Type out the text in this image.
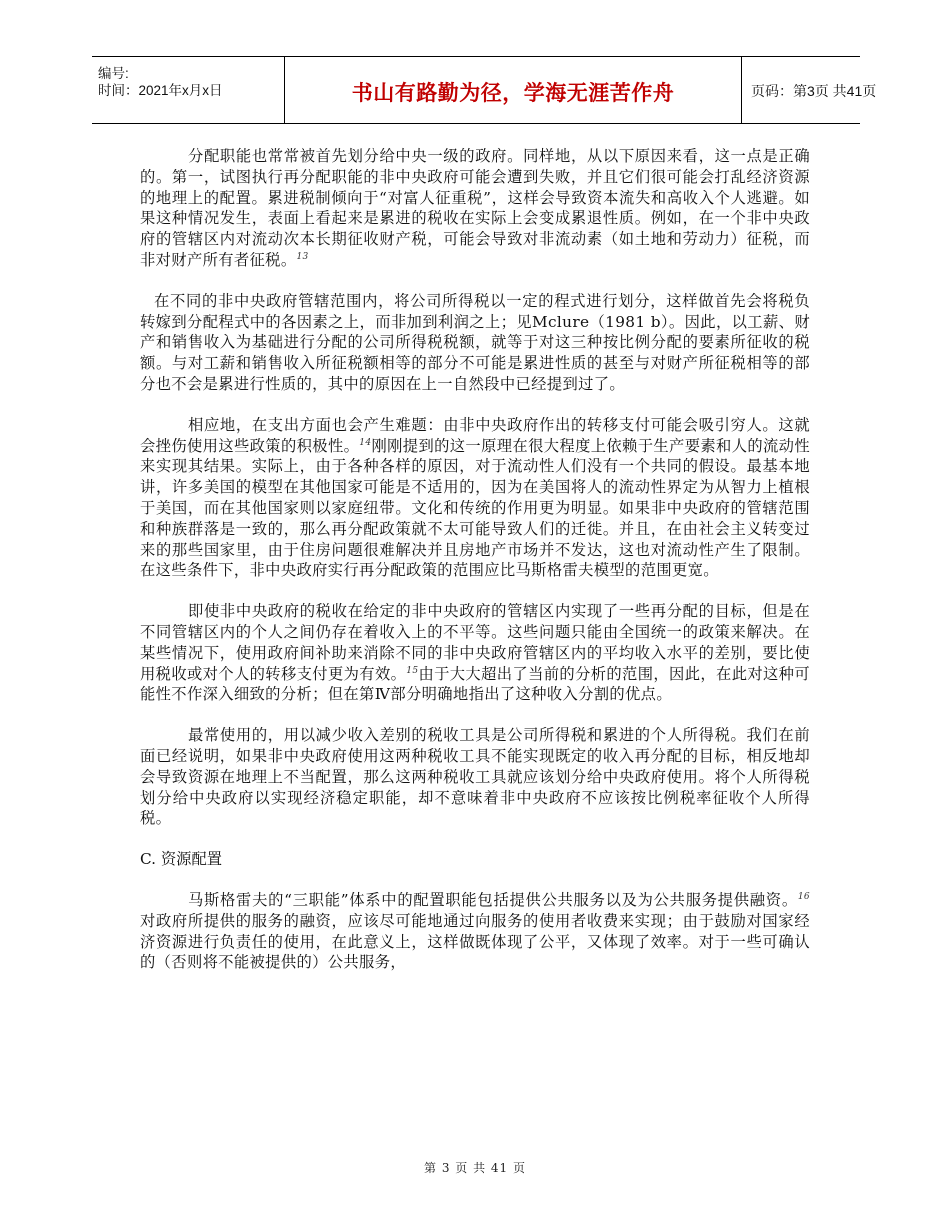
编号:
时间：2021年x月x日	书山有路勤为径，学海无涯苦作舟	页码：第3页 共41页

分配职能也常常被首先划分给中央一级的政府。同样地，从以下原因来看，这一点是正确的。第一，试图执行再分配职能的非中央政府可能会遭到失败，并且它们很可能会打乱经济资源的地理上的配置。累进税制倾向于“对富人征重税”，这样会导致资本流失和高收入个人逃避。如果这种情况发生，表面上看起来是累进的税收在实际上会变成累退性质。例如，在一个非中央政府的管辖区内对流动次本长期征收财产税，可能会导致对非流动素（如土地和劳动力）征税，而非对财产所有者征税。$^{13}$

在不同的非中央政府管辖范围内，将公司所得税以一定的程式进行划分，这样做首先会将税负转嫁到分配程式中的各因素之上，而非加到利润之上；见Mclure（1981 b）。因此，以工薪、财产和销售收入为基础进行分配的公司所得税税额，就等于对这三种按比例分配的要素所征收的税额。与对工薪和销售收入所征税额相等的部分不可能是累进性质的甚至与对财产所征税相等的部分也不会是累进行性质的，其中的原因在上一自然段中已经提到过了。

相应地，在支出方面也会产生难题：由非中央政府作出的转移支付可能会吸引穷人。这就会挫伤使用这些政策的积极性。$^{14}$刚刚提到的这一原理在很大程度上依赖于生产要素和人的流动性来实现其结果。实际上，由于各种各样的原因，对于流动性人们没有一个共同的假设。最基本地讲，许多美国的模型在其他国家可能是不适用的，因为在美国将人的流动性界定为从智力上植根于美国，而在其他国家则以家庭纽带。文化和传统的作用更为明显。如果非中央政府的管辖范围和种族群落是一致的，那么再分配政策就不太可能导致人们的迁徙。并且，在由社会主义转变过来的那些国家里，由于住房问题很难解决并且房地产市场并不发达，这也对流动性产生了限制。在这些条件下，非中央政府实行再分配政策的范围应比马斯格雷夫模型的范围更宽。

即使非中央政府的税收在给定的非中央政府的管辖区内实现了一些再分配的目标，但是在不同管辖区内的个人之间仍存在着收入上的不平等。这些问题只能由全国统一的政策来解决。在某些情况下，使用政府间补助来消除不同的非中央政府管辖区内的平均收入水平的差别，要比使用税收或对个人的转移支付更为有效。$^{15}$由于大大超出了当前的分析的范围，因此，在此对这种可能性不作深入细致的分析；但在第Ⅳ部分明确地指出了这种收入分割的优点。

最常使用的，用以减少收入差别的税收工具是公司所得税和累进的个人所得税。我们在前面已经说明，如果非中央政府使用这两种税收工具不能实现既定的收入再分配的目标，相反地却会导致资源在地理上不当配置，那么这两种税收工具就应该划分给中央政府使用。将个人所得税划分给中央政府以实现经济稳定职能，却不意味着非中央政府不应该按比例税率征收个人所得税。

C. 资源配置

马斯格雷夫的“三职能”体系中的配置职能包括提供公共服务以及为公共服务提供融资。$^{16}$对政府所提供的服务的融资，应该尽可能地通过向服务的使用者收费来实现；由于鼓励对国家经济资源进行负责任的使用，在此意义上，这样做既体现了公平，又体现了效率。对于一些可确认的（否则将不能被提供的）公共服务，

第 3 页 共 41 页
